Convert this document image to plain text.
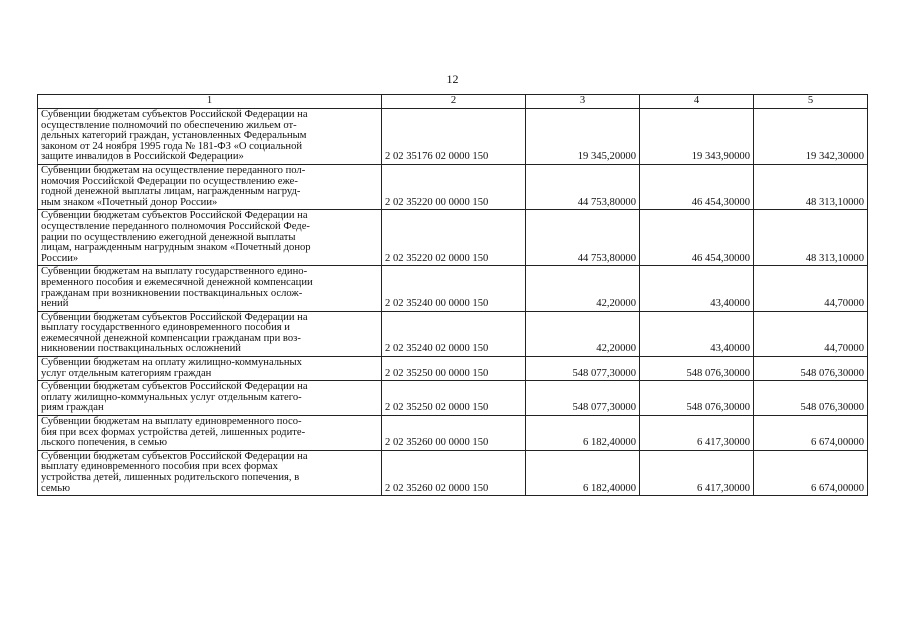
12
1	2	3	4	5

Субвенции бюджетам субъектов Российской Федерации на
осуществление полномочий по обеспечению жильем от-
дельных категорий граждан, установленных Федеральным
законом от 24 ноября 1995 года № 181-ФЗ «О социальной
защите инвалидов в Российской Федерации»	2 02 35176 02 0000 150	19 345,20000	19 343,90000	19 342,30000

Субвенции бюджетам на осуществление переданного пол-
номочия Российской Федерации по осуществлению еже-
годной денежной выплаты лицам, награжденным нагруд-
ным знаком «Почетный донор России»	2 02 35220 00 0000 150	44 753,80000	46 454,30000	48 313,10000

Субвенции бюджетам субъектов Российской Федерации на
осуществление переданного полномочия Российской Феде-
рации по осуществлению ежегодной денежной выплаты
лицам, награжденным нагрудным знаком «Почетный донор
России»	2 02 35220 02 0000 150	44 753,80000	46 454,30000	48 313,10000

Субвенции бюджетам на выплату государственного едино-
временного пособия и ежемесячной денежной компенсации
гражданам при возникновении поствакцинальных ослож-
нений	2 02 35240 00 0000 150	42,20000	43,40000	44,70000

Субвенции бюджетам субъектов Российской Федерации на
выплату государственного единовременного пособия и
ежемесячной денежной компенсации гражданам при воз-
никновении поствакцинальных осложнений	2 02 35240 02 0000 150	42,20000	43,40000	44,70000

Субвенции бюджетам на оплату жилищно-коммунальных
услуг отдельным категориям граждан	2 02 35250 00 0000 150	548 077,30000	548 076,30000	548 076,30000

Субвенции бюджетам субъектов Российской Федерации на
оплату жилищно-коммунальных услуг отдельным катего-
риям граждан	2 02 35250 02 0000 150	548 077,30000	548 076,30000	548 076,30000

Субвенции бюджетам на выплату единовременного посо-
бия при всех формах устройства детей, лишенных родите-
льского попечения, в семью	2 02 35260 00 0000 150	6 182,40000	6 417,30000	6 674,00000

Субвенции бюджетам субъектов Российской Федерации на
выплату единовременного пособия при всех формах
устройства детей, лишенных родительского попечения, в
семью	2 02 35260 02 0000 150	6 182,40000	6 417,30000	6 674,00000
